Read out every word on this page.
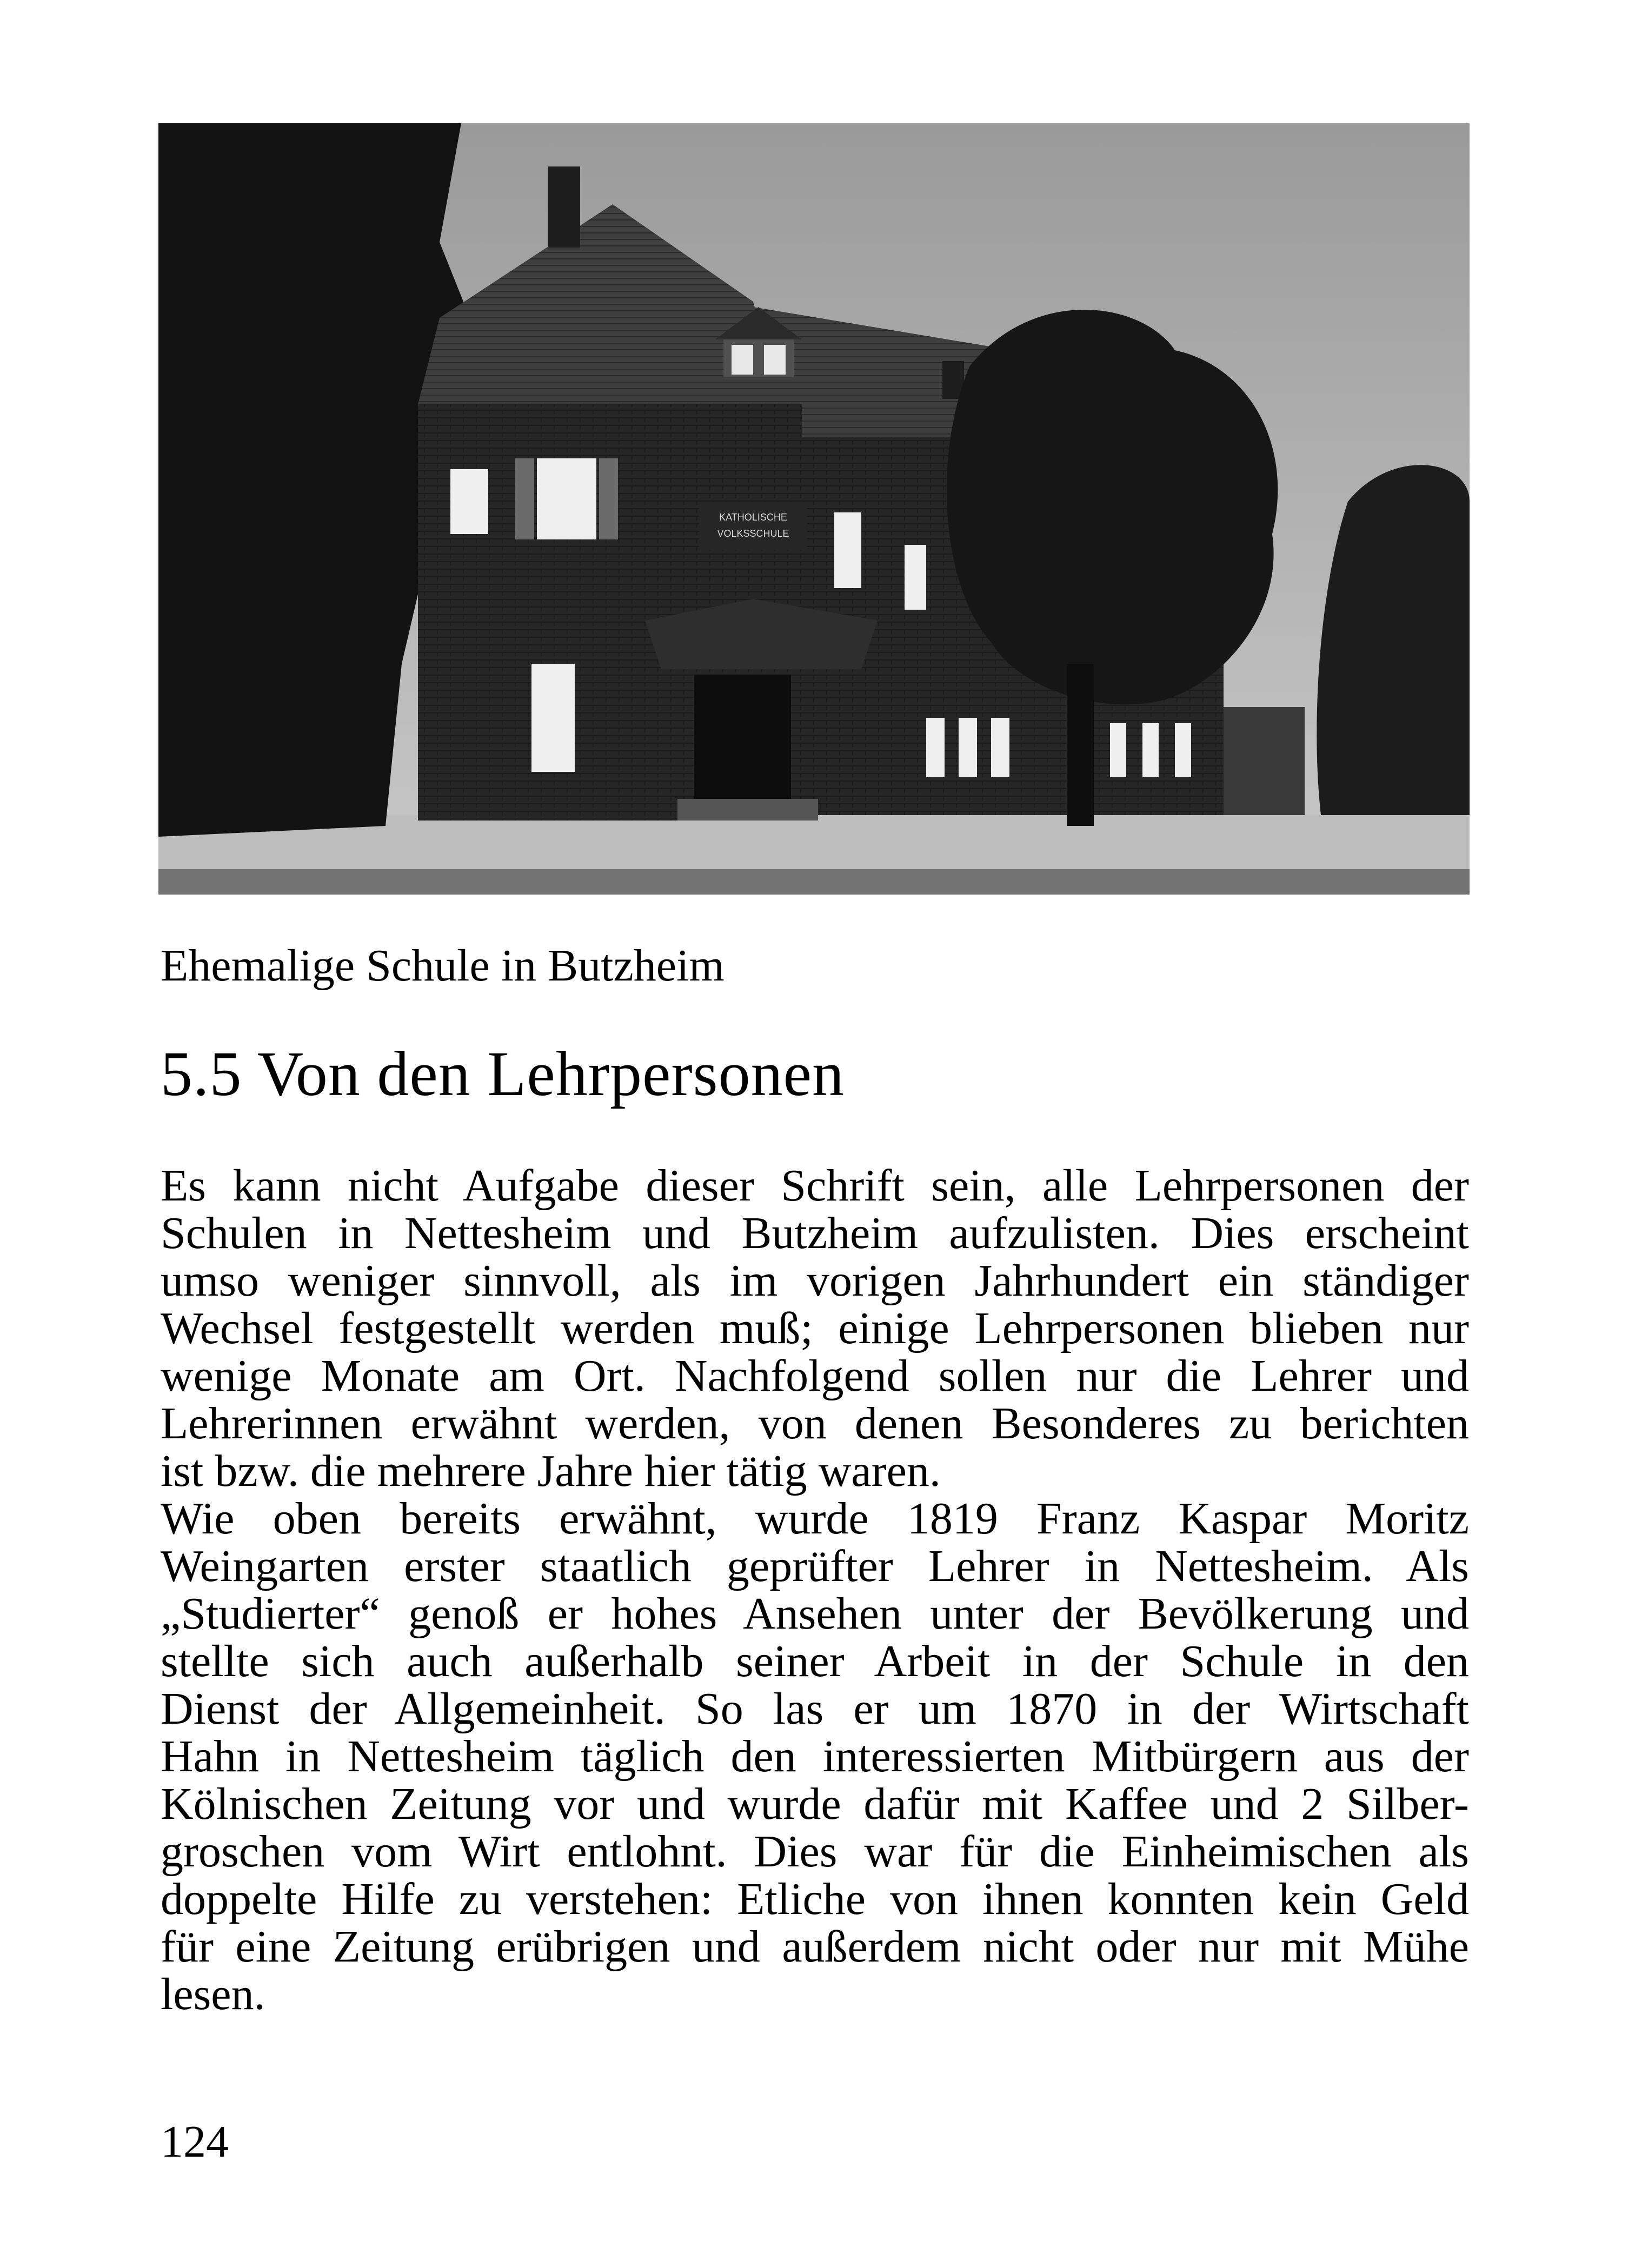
KATHOLISCHE
VOLKSSCHULE
Ehemalige Schule in Butzheim
5.5 Von den Lehrpersonen
Es kann nicht Aufgabe dieser Schrift sein, alle Lehrpersonen der
Schulen in Nettesheim und Butzheim aufzulisten. Dies erscheint
umso weniger sinnvoll, als im vorigen Jahrhundert ein ständiger
Wechsel festgestellt werden muß; einige Lehrpersonen blieben nur
wenige Monate am Ort. Nachfolgend sollen nur die Lehrer und
Lehrerinnen erwähnt werden, von denen Besonderes zu berichten
ist bzw. die mehrere Jahre hier tätig waren.
Wie oben bereits erwähnt, wurde 1819 Franz Kaspar Moritz
Weingarten erster staatlich geprüfter Lehrer in Nettesheim. Als
„Studierter“ genoß er hohes Ansehen unter der Bevölkerung und
stellte sich auch außerhalb seiner Arbeit in der Schule in den
Dienst der Allgemeinheit. So las er um 1870 in der Wirtschaft
Hahn in Nettesheim täglich den interessierten Mitbürgern aus der
Kölnischen Zeitung vor und wurde dafür mit Kaffee und 2 Silber-
groschen vom Wirt entlohnt. Dies war für die Einheimischen als
doppelte Hilfe zu verstehen: Etliche von ihnen konnten kein Geld
für eine Zeitung erübrigen und außerdem nicht oder nur mit Mühe
lesen.
124
